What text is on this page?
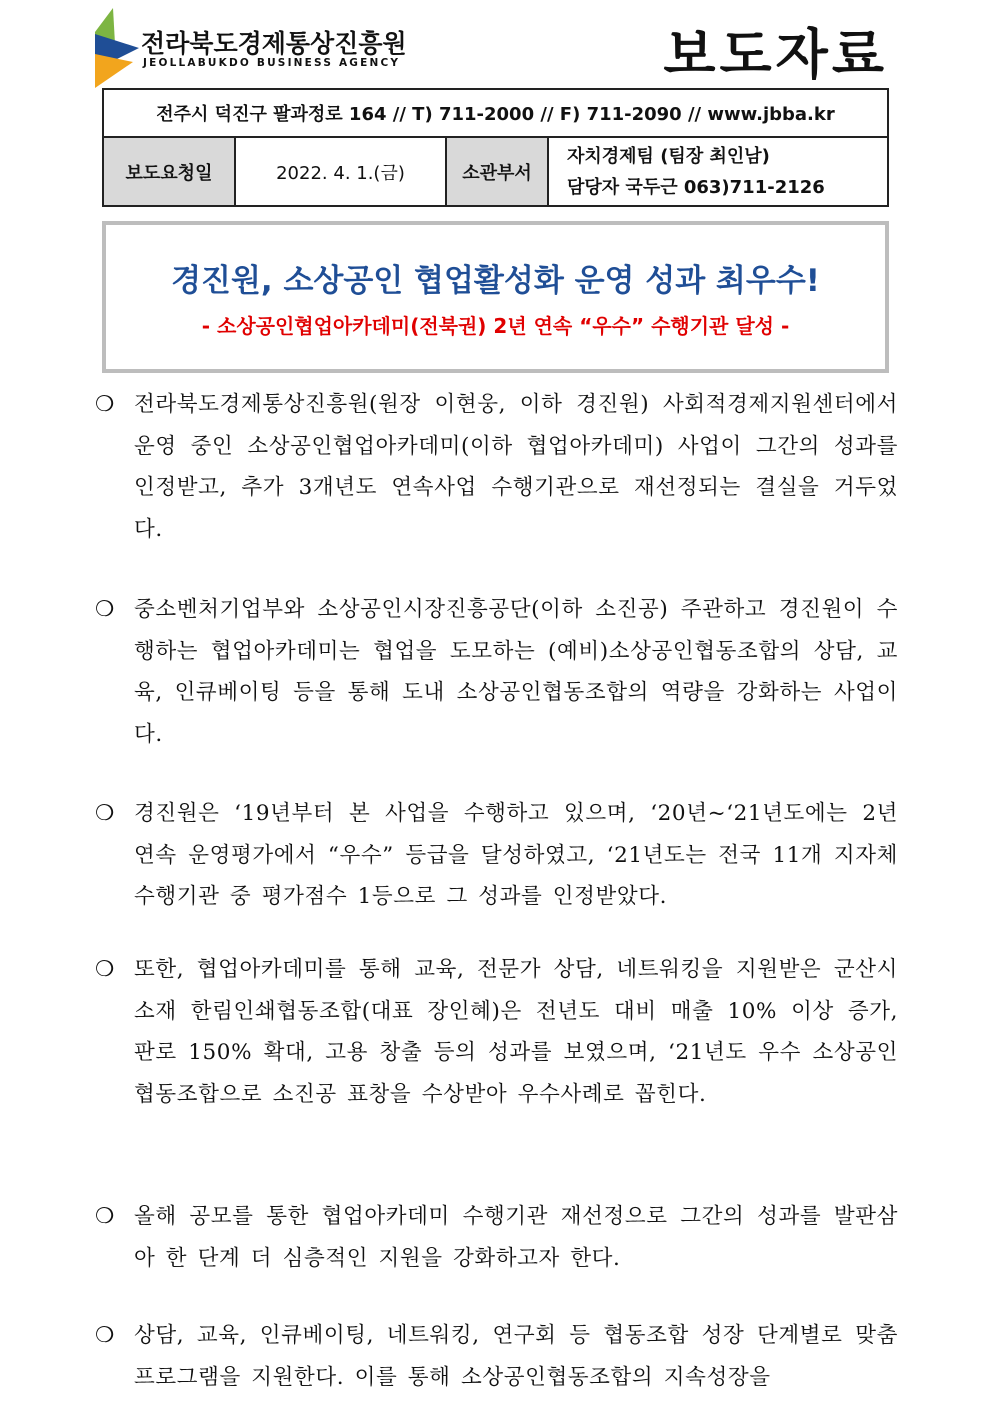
전라북도경제통상진흥원
JEOLLABUKDO BUSINESS AGENCY	보도자료
전주시 덕진구 팔과정로 164 // T) 711-2000 // F) 711-2090 // www.jbba.kr
보도요청일	2022. 4. 1.(금)	소관부서	
자치경제팀 (팀장 최인남)
담당자 국두근 063)711-2126
경진원, 소상공인 협업활성화 운영 성과 최우수!
- 소상공인협업아카데미(전북권) 2년 연속 “우수” 수행기관 달성 -
❍ 전라북도경제통상진흥원(원장 이현웅, 이하 경진원) 사회적경제지원센터에서 운영 중인 소상공인협업아카데미(이하 협업아카데미) 사업이 그간의 성과를 인정받고, 추가 3개년도 연속사업 수행기관으로 재선정되는 결실을 거두었다.
❍ 중소벤처기업부와 소상공인시장진흥공단(이하 소진공) 주관하고 경진원이 수행하는 협업아카데미는 협업을 도모하는 (예비)소상공인협동조합의 상담, 교육, 인큐베이팅 등을 통해 도내 소상공인협동조합의 역량을 강화하는 사업이다.
❍ 경진원은 ‘19년부터 본 사업을 수행하고 있으며, ‘20년~‘21년도에는 2년 연속 운영평가에서 “우수” 등급을 달성하였고, ‘21년도는 전국 11개 지자체 수행기관 중 평가점수 1등으로 그 성과를 인정받았다.
❍ 또한, 협업아카데미를 통해 교육, 전문가 상담, 네트워킹을 지원받은 군산시 소재 한림인쇄협동조합(대표 장인혜)은 전년도 대비 매출 10% 이상 증가, 판로 150% 확대, 고용 창출 등의 성과를 보였으며, ‘21년도 우수 소상공인협동조합으로 소진공 표창을 수상받아 우수사례로 꼽힌다.
❍ 올해 공모를 통한 협업아카데미 수행기관 재선정으로 그간의 성과를 발판삼아 한 단계 더 심층적인 지원을 강화하고자 한다.
❍ 상담, 교육, 인큐베이팅, 네트워킹, 연구회 등 협동조합 성장 단계별로 맞춤 프로그램을 지원한다. 이를 통해 소상공인협동조합의 지속성장을
